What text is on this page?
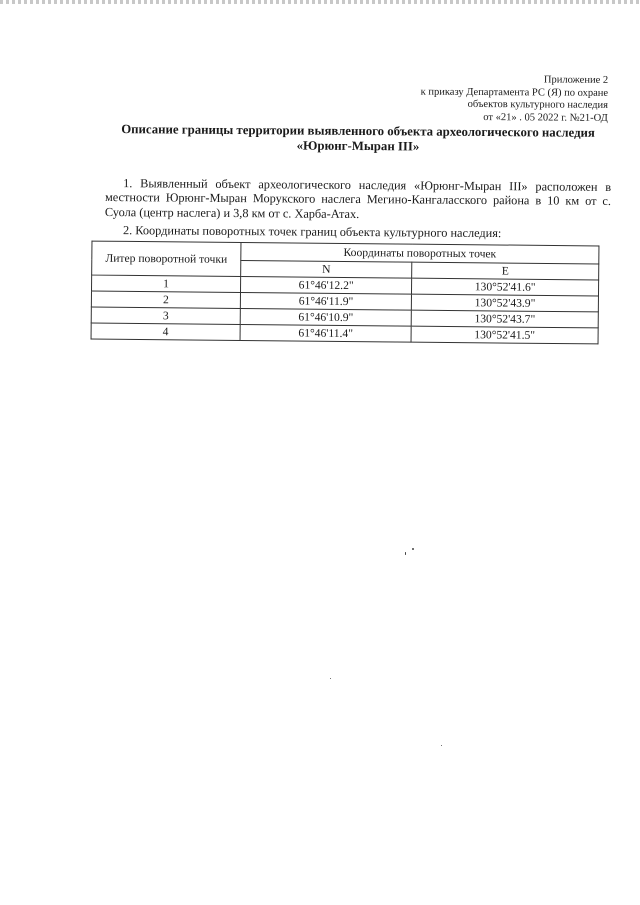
Приложение 2
к приказу Департамента РС (Я) по охране
объектов культурного наследия
от «21» . 05 2022 г. №21-ОД
Описание границы территории выявленного объекта археологического наследия
«Юрюнг-Мыран III»
1. Выявленный объект археологического наследия «Юрюнг-Мыран III» расположен в местности Юрюнг-Мыран Морукского наслега Мегино-Кангаласского района в 10 км от с. Суола (центр наслега) и 3,8 км от с. Харба-Атах.
2. Координаты поворотных точек границ объекта культурного наследия:
Литер поворотной точки	Координаты поворотных точек	
	N	E
1	61°46'12.2"	130°52'41.6"
2	61°46'11.9"	130°52'43.9"
3	61°46'10.9"	130°52'43.7"
4	61°46'11.4"	130°52'41.5"
